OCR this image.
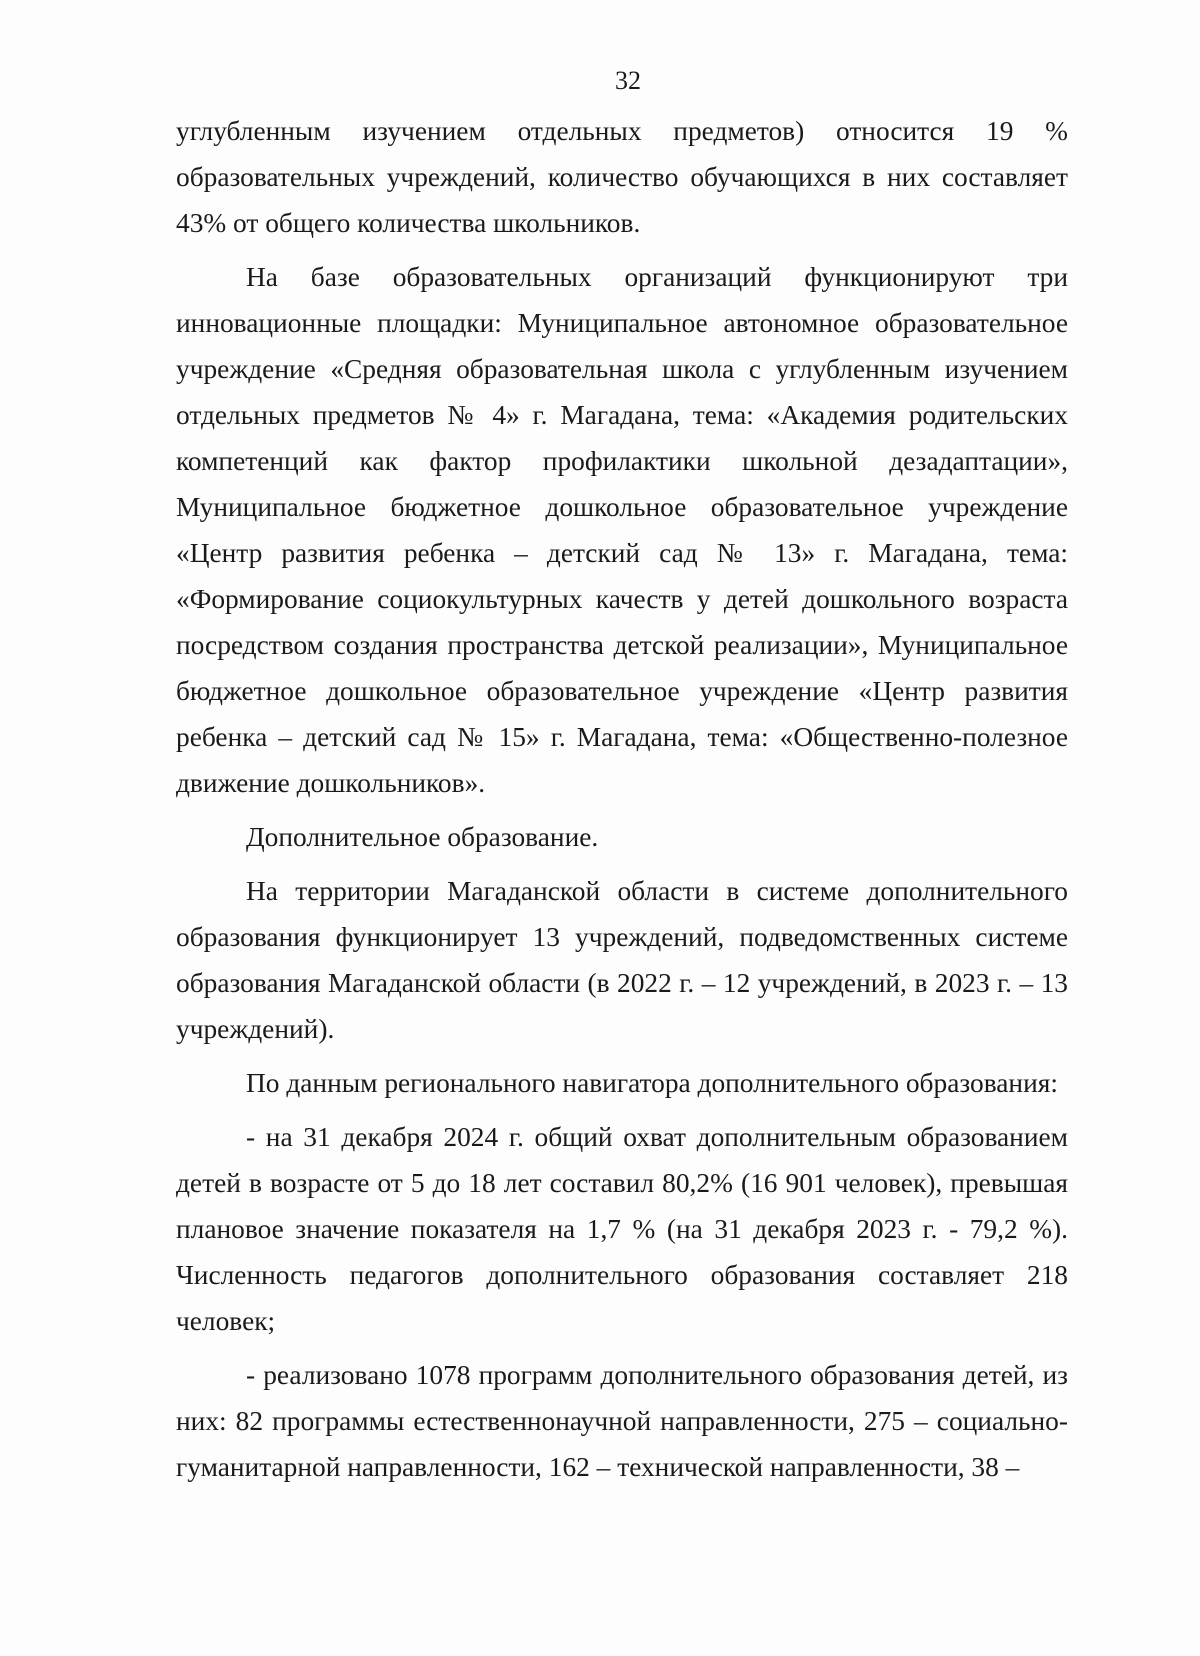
32

углубленным изучением отдельных предметов) относится 19 % образовательных учреждений, количество обучающихся в них составляет 43% от общего количества школьников.

На базе образовательных организаций функционируют три инновационные площадки: Муниципальное автономное образовательное учреждение «Средняя образовательная школа с углубленным изучением отдельных предметов № 4» г. Магадана, тема: «Академия родительских компетенций как фактор профилактики школьной дезадаптации», Муниципальное бюджетное дошкольное образовательное учреждение «Центр развития ребенка – детский сад № 13» г. Магадана, тема: «Формирование социокультурных качеств у детей дошкольного возраста посредством создания пространства детской реализации», Муниципальное бюджетное дошкольное образовательное учреждение «Центр развития ребенка – детский сад № 15» г. Магадана, тема: «Общественно-полезное движение дошкольников».

Дополнительное образование.

На территории Магаданской области в системе дополнительного образования функционирует 13 учреждений, подведомственных системе образования Магаданской области (в 2022 г. – 12 учреждений, в 2023 г. – 13 учреждений).

По данным регионального навигатора дополнительного образования:

- на 31 декабря 2024 г. общий охват дополнительным образованием детей в возрасте от 5 до 18 лет составил 80,2% (16 901 человек), превышая плановое значение показателя на 1,7 % (на 31 декабря 2023 г. - 79,2 %). Численность педагогов дополнительного образования составляет 218 человек;

- реализовано 1078 программ дополнительного образования детей, из них: 82 программы естественнонаучной направленности, 275 – социально-гуманитарной направленности, 162 – технической направленности, 38 –
